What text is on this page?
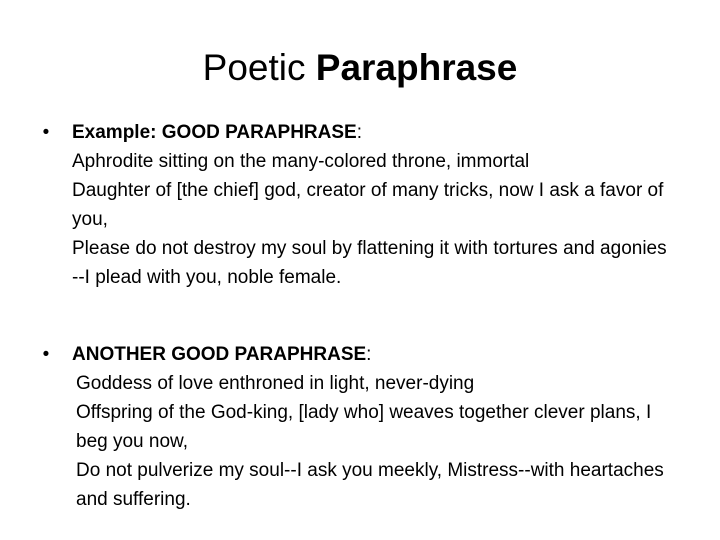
Poetic Paraphrase
•	Example: GOOD PARAPHRASE:
Aphrodite sitting on the many-colored throne, immortal
Daughter of [the chief] god, creator of many tricks, now I ask a favor of you,
Please do not destroy my soul by flattening it with tortures and agonies
--I plead with you, noble female.
•	ANOTHER GOOD PARAPHRASE:
Goddess of love enthroned in light, never-dying
Offspring of the God-king, [lady who] weaves together clever plans, I beg you now,
Do not pulverize my soul--I ask you meekly, Mistress--with heartaches and suffering.
